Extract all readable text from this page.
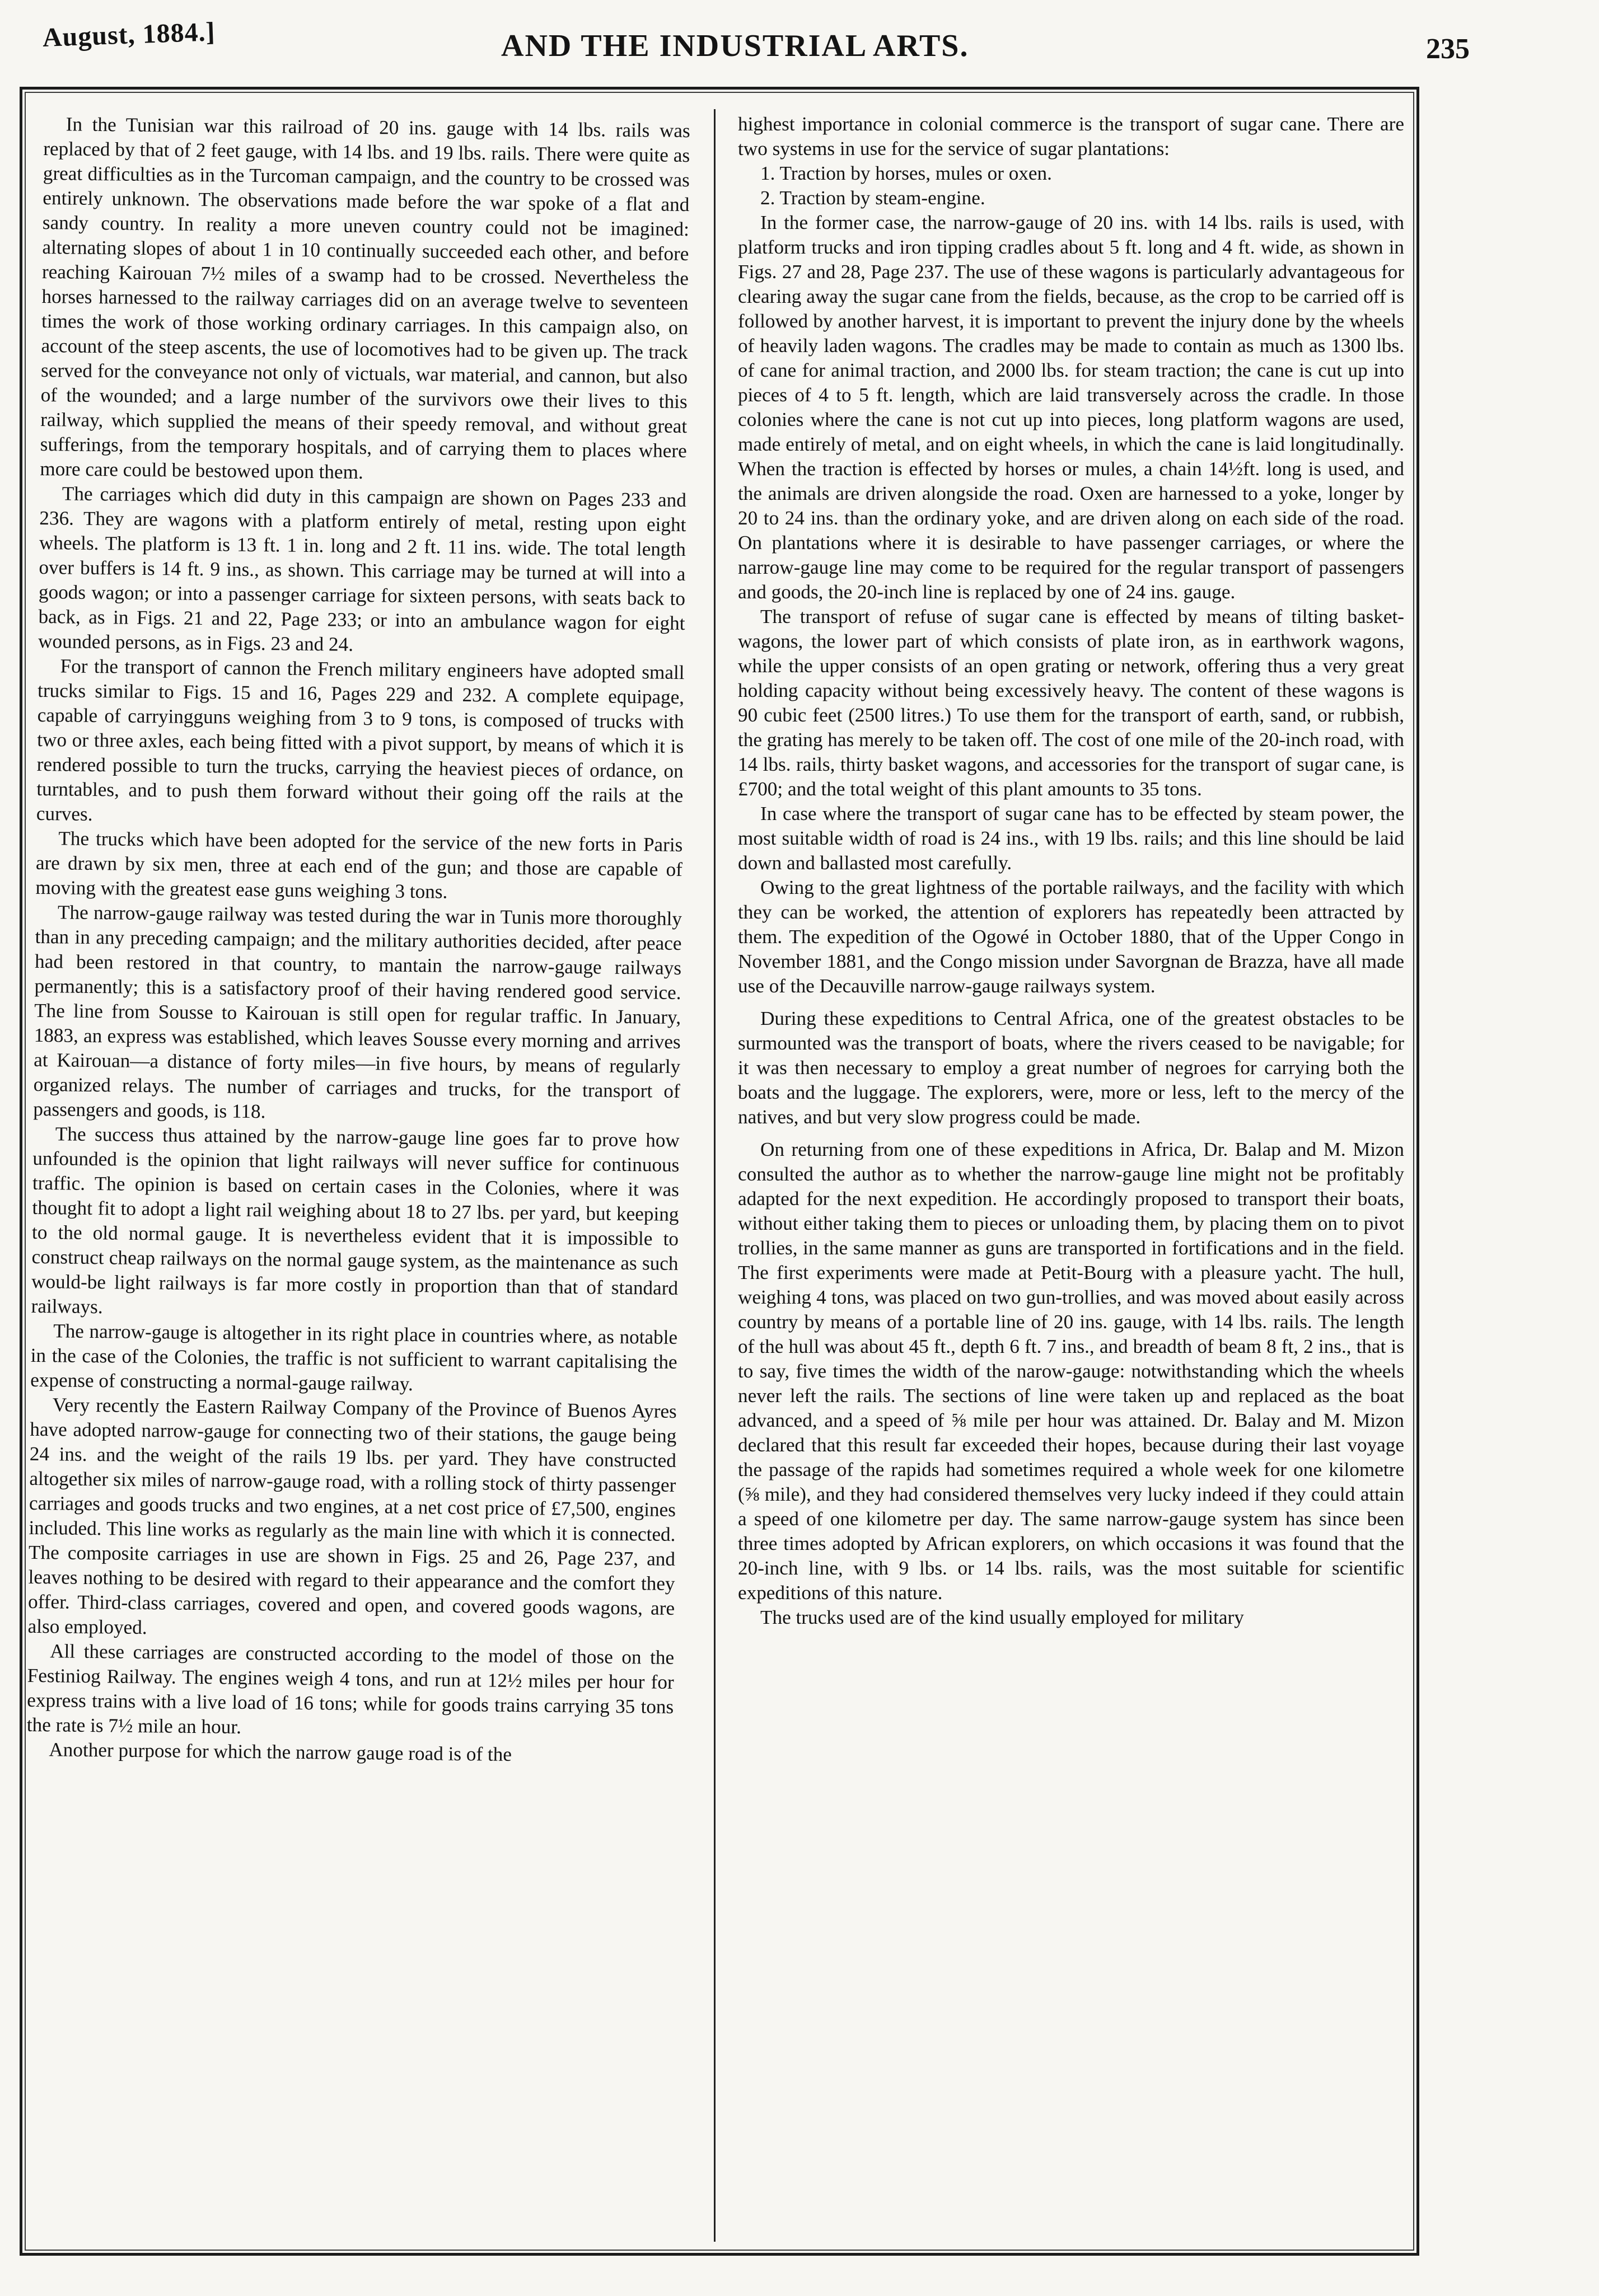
August, 1884.]	AND THE INDUSTRIAL ARTS.	235

In the Tunisian war this railroad of 20 ins. gauge with 14 lbs. rails was replaced by that of 2 feet gauge, with 14 lbs. and 19 lbs. rails. There were quite as great difficulties as in the Turcoman campaign, and the country to be crossed was entirely unknown. The observations made before the war spoke of a flat and sandy country. In reality a more uneven country could not be imagined: alternating slopes of about 1 in 10 continually succeeded each other, and before reaching Kairouan 7½ miles of a swamp had to be crossed. Nevertheless the horses harnessed to the railway carriages did on an average twelve to seventeen times the work of those working ordinary carriages. In this campaign also, on account of the steep ascents, the use of locomotives had to be given up. The track served for the conveyance not only of victuals, war material, and cannon, but also of the wounded; and a large number of the survivors owe their lives to this railway, which supplied the means of their speedy removal, and without great sufferings, from the temporary hospitals, and of carrying them to places where more care could be bestowed upon them.

The carriages which did duty in this campaign are shown on Pages 233 and 236. They are wagons with a platform entirely of metal, resting upon eight wheels. The platform is 13 ft. 1 in. long and 2 ft. 11 ins. wide. The total length over buffers is 14 ft. 9 ins., as shown. This carriage may be turned at will into a goods wagon; or into a passenger carriage for sixteen persons, with seats back to back, as in Figs. 21 and 22, Page 233; or into an ambulance wagon for eight wounded persons, as in Figs. 23 and 24.

For the transport of cannon the French military engineers have adopted small trucks similar to Figs. 15 and 16, Pages 229 and 232. A complete equipage, capable of carryingguns weighing from 3 to 9 tons, is composed of trucks with two or three axles, each being fitted with a pivot support, by means of which it is rendered possible to turn the trucks, carrying the heaviest pieces of ordance, on turntables, and to push them forward without their going off the rails at the curves.

The trucks which have been adopted for the service of the new forts in Paris are drawn by six men, three at each end of the gun; and those are capable of moving with the greatest ease guns weighing 3 tons.

The narrow-gauge railway was tested during the war in Tunis more thoroughly than in any preceding campaign; and the military authorities decided, after peace had been restored in that country, to mantain the narrow-gauge railways permanently; this is a satisfactory proof of their having rendered good service. The line from Sousse to Kairouan is still open for regular traffic. In January, 1883, an express was established, which leaves Sousse every morning and arrives at Kairouan—a distance of forty miles—in five hours, by means of regularly organized relays. The number of carriages and trucks, for the transport of passengers and goods, is 118.

The success thus attained by the narrow-gauge line goes far to prove how unfounded is the opinion that light railways will never suffice for continuous traffic. The opinion is based on certain cases in the Colonies, where it was thought fit to adopt a light rail weighing about 18 to 27 lbs. per yard, but keeping to the old normal gauge. It is nevertheless evident that it is impossible to construct cheap railways on the normal gauge system, as the maintenance as such would-be light railways is far more costly in proportion than that of standard railways.

The narrow-gauge is altogether in its right place in countries where, as notable in the case of the Colonies, the traffic is not sufficient to warrant capitalising the expense of constructing a normal-gauge railway.

Very recently the Eastern Railway Company of the Province of Buenos Ayres have adopted narrow-gauge for connecting two of their stations, the gauge being 24 ins. and the weight of the rails 19 lbs. per yard. They have constructed altogether six miles of narrow-gauge road, with a rolling stock of thirty passenger carriages and goods trucks and two engines, at a net cost price of £7,500, engines included. This line works as regularly as the main line with which it is connected. The composite carriages in use are shown in Figs. 25 and 26, Page 237, and leaves nothing to be desired with regard to their appearance and the comfort they offer. Third-class carriages, covered and open, and covered goods wagons, are also employed.

All these carriages are constructed according to the model of those on the Festiniog Railway. The engines weigh 4 tons, and run at 12½ miles per hour for express trains with a live load of 16 tons; while for goods trains carrying 35 tons the rate is 7½ mile an hour.

Another purpose for which the narrow gauge road is of the

highest importance in colonial commerce is the transport of sugar cane. There are two systems in use for the service of sugar plantations:

1. Traction by horses, mules or oxen.

2. Traction by steam-engine.

In the former case, the narrow-gauge of 20 ins. with 14 lbs. rails is used, with platform trucks and iron tipping cradles about 5 ft. long and 4 ft. wide, as shown in Figs. 27 and 28, Page 237. The use of these wagons is particularly advantageous for clearing away the sugar cane from the fields, because, as the crop to be carried off is followed by another harvest, it is important to prevent the injury done by the wheels of heavily laden wagons. The cradles may be made to contain as much as 1300 lbs. of cane for animal traction, and 2000 lbs. for steam traction; the cane is cut up into pieces of 4 to 5 ft. length, which are laid transversely across the cradle. In those colonies where the cane is not cut up into pieces, long platform wagons are used, made entirely of metal, and on eight wheels, in which the cane is laid longitudinally. When the traction is effected by horses or mules, a chain 14½ft. long is used, and the animals are driven alongside the road. Oxen are harnessed to a yoke, longer by 20 to 24 ins. than the ordinary yoke, and are driven along on each side of the road. On plantations where it is desirable to have passenger carriages, or where the narrow-gauge line may come to be required for the regular transport of passengers and goods, the 20-inch line is replaced by one of 24 ins. gauge.

The transport of refuse of sugar cane is effected by means of tilting basket-wagons, the lower part of which consists of plate iron, as in earthwork wagons, while the upper consists of an open grating or network, offering thus a very great holding capacity without being excessively heavy. The content of these wagons is 90 cubic feet (2500 litres.) To use them for the transport of earth, sand, or rubbish, the grating has merely to be taken off. The cost of one mile of the 20-inch road, with 14 lbs. rails, thirty basket wagons, and accessories for the transport of sugar cane, is £700; and the total weight of this plant amounts to 35 tons.

In case where the transport of sugar cane has to be effected by steam power, the most suitable width of road is 24 ins., with 19 lbs. rails; and this line should be laid down and ballasted most carefully.

Owing to the great lightness of the portable railways, and the facility with which they can be worked, the attention of explorers has repeatedly been attracted by them. The expedition of the Ogowé in October 1880, that of the Upper Congo in November 1881, and the Congo mission under Savorgnan de Brazza, have all made use of the Decauville narrow-gauge railways system.

During these expeditions to Central Africa, one of the greatest obstacles to be surmounted was the transport of boats, where the rivers ceased to be navigable; for it was then necessary to employ a great number of negroes for carrying both the boats and the luggage. The explorers, were, more or less, left to the mercy of the natives, and but very slow progress could be made.

On returning from one of these expeditions in Africa, Dr. Balap and M. Mizon consulted the author as to whether the narrow-gauge line might not be profitably adapted for the next expedition. He accordingly proposed to transport their boats, without either taking them to pieces or unloading them, by placing them on to pivot trollies, in the same manner as guns are transported in fortifications and in the field. The first experiments were made at Petit-Bourg with a pleasure yacht. The hull, weighing 4 tons, was placed on two gun-trollies, and was moved about easily across country by means of a portable line of 20 ins. gauge, with 14 lbs. rails. The length of the hull was about 45 ft., depth 6 ft. 7 ins., and breadth of beam 8 ft, 2 ins., that is to say, five times the width of the narow-gauge: notwithstanding which the wheels never left the rails. The sections of line were taken up and replaced as the boat advanced, and a speed of ⅝ mile per hour was attained. Dr. Balay and M. Mizon declared that this result far exceeded their hopes, because during their last voyage the passage of the rapids had sometimes required a whole week for one kilometre (⅝ mile), and they had considered themselves very lucky indeed if they could attain a speed of one kilometre per day. The same narrow-gauge system has since been three times adopted by African explorers, on which occasions it was found that the 20-inch line, with 9 lbs. or 14 lbs. rails, was the most suitable for scientific expeditions of this nature.

The trucks used are of the kind usually employed for military
